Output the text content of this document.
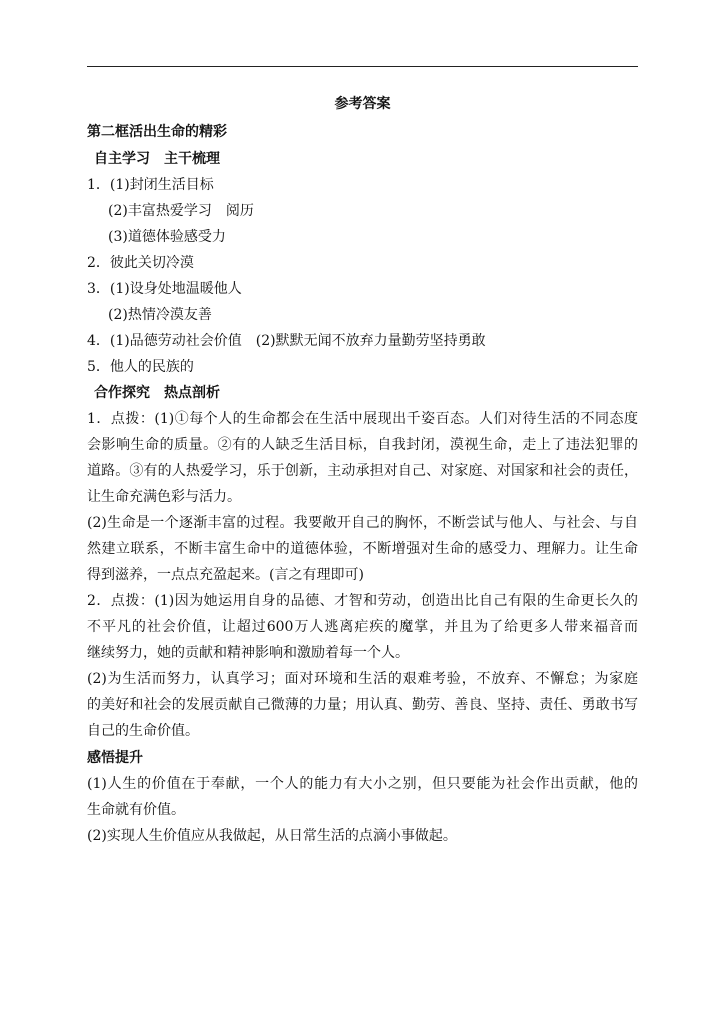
参考答案
第二框活出生命的精彩
自主学习　主干梳理
1．(1)封闭生活目标
(2)丰富热爱学习　阅历
(3)道德体验感受力
2．彼此关切冷漠
3．(1)设身处地温暖他人
(2)热情冷漠友善
4．(1)品德劳动社会价值　(2)默默无闻不放弃力量勤劳坚持勇敢
5．他人的民族的
合作探究　热点剖析
1．点拨：(1)①每个人的生命都会在生活中展现出千姿百态。人们对待生活的不同态度
会影响生命的质量。②有的人缺乏生活目标，自我封闭，漠视生命，走上了违法犯罪的
道路。③有的人热爱学习，乐于创新，主动承担对自己、对家庭、对国家和社会的责任，
让生命充满色彩与活力。
(2)生命是一个逐渐丰富的过程。我要敞开自己的胸怀，不断尝试与他人、与社会、与自
然建立联系，不断丰富生命中的道德体验，不断增强对生命的感受力、理解力。让生命
得到滋养，一点点充盈起来。(言之有理即可)
2．点拨：(1)因为她运用自身的品德、才智和劳动，创造出比自己有限的生命更长久的
不平凡的社会价值，让超过600万人逃离疟疾的魔掌，并且为了给更多人带来福音而
继续努力，她的贡献和精神影响和激励着每一个人。
(2)为生活而努力，认真学习；面对环境和生活的艰难考验，不放弃、不懈怠；为家庭
的美好和社会的发展贡献自己微薄的力量；用认真、勤劳、善良、坚持、责任、勇敢书写
自己的生命价值。
感悟提升
(1)人生的价值在于奉献，一个人的能力有大小之别，但只要能为社会作出贡献，他的
生命就有价值。
(2)实现人生价值应从我做起，从日常生活的点滴小事做起。
